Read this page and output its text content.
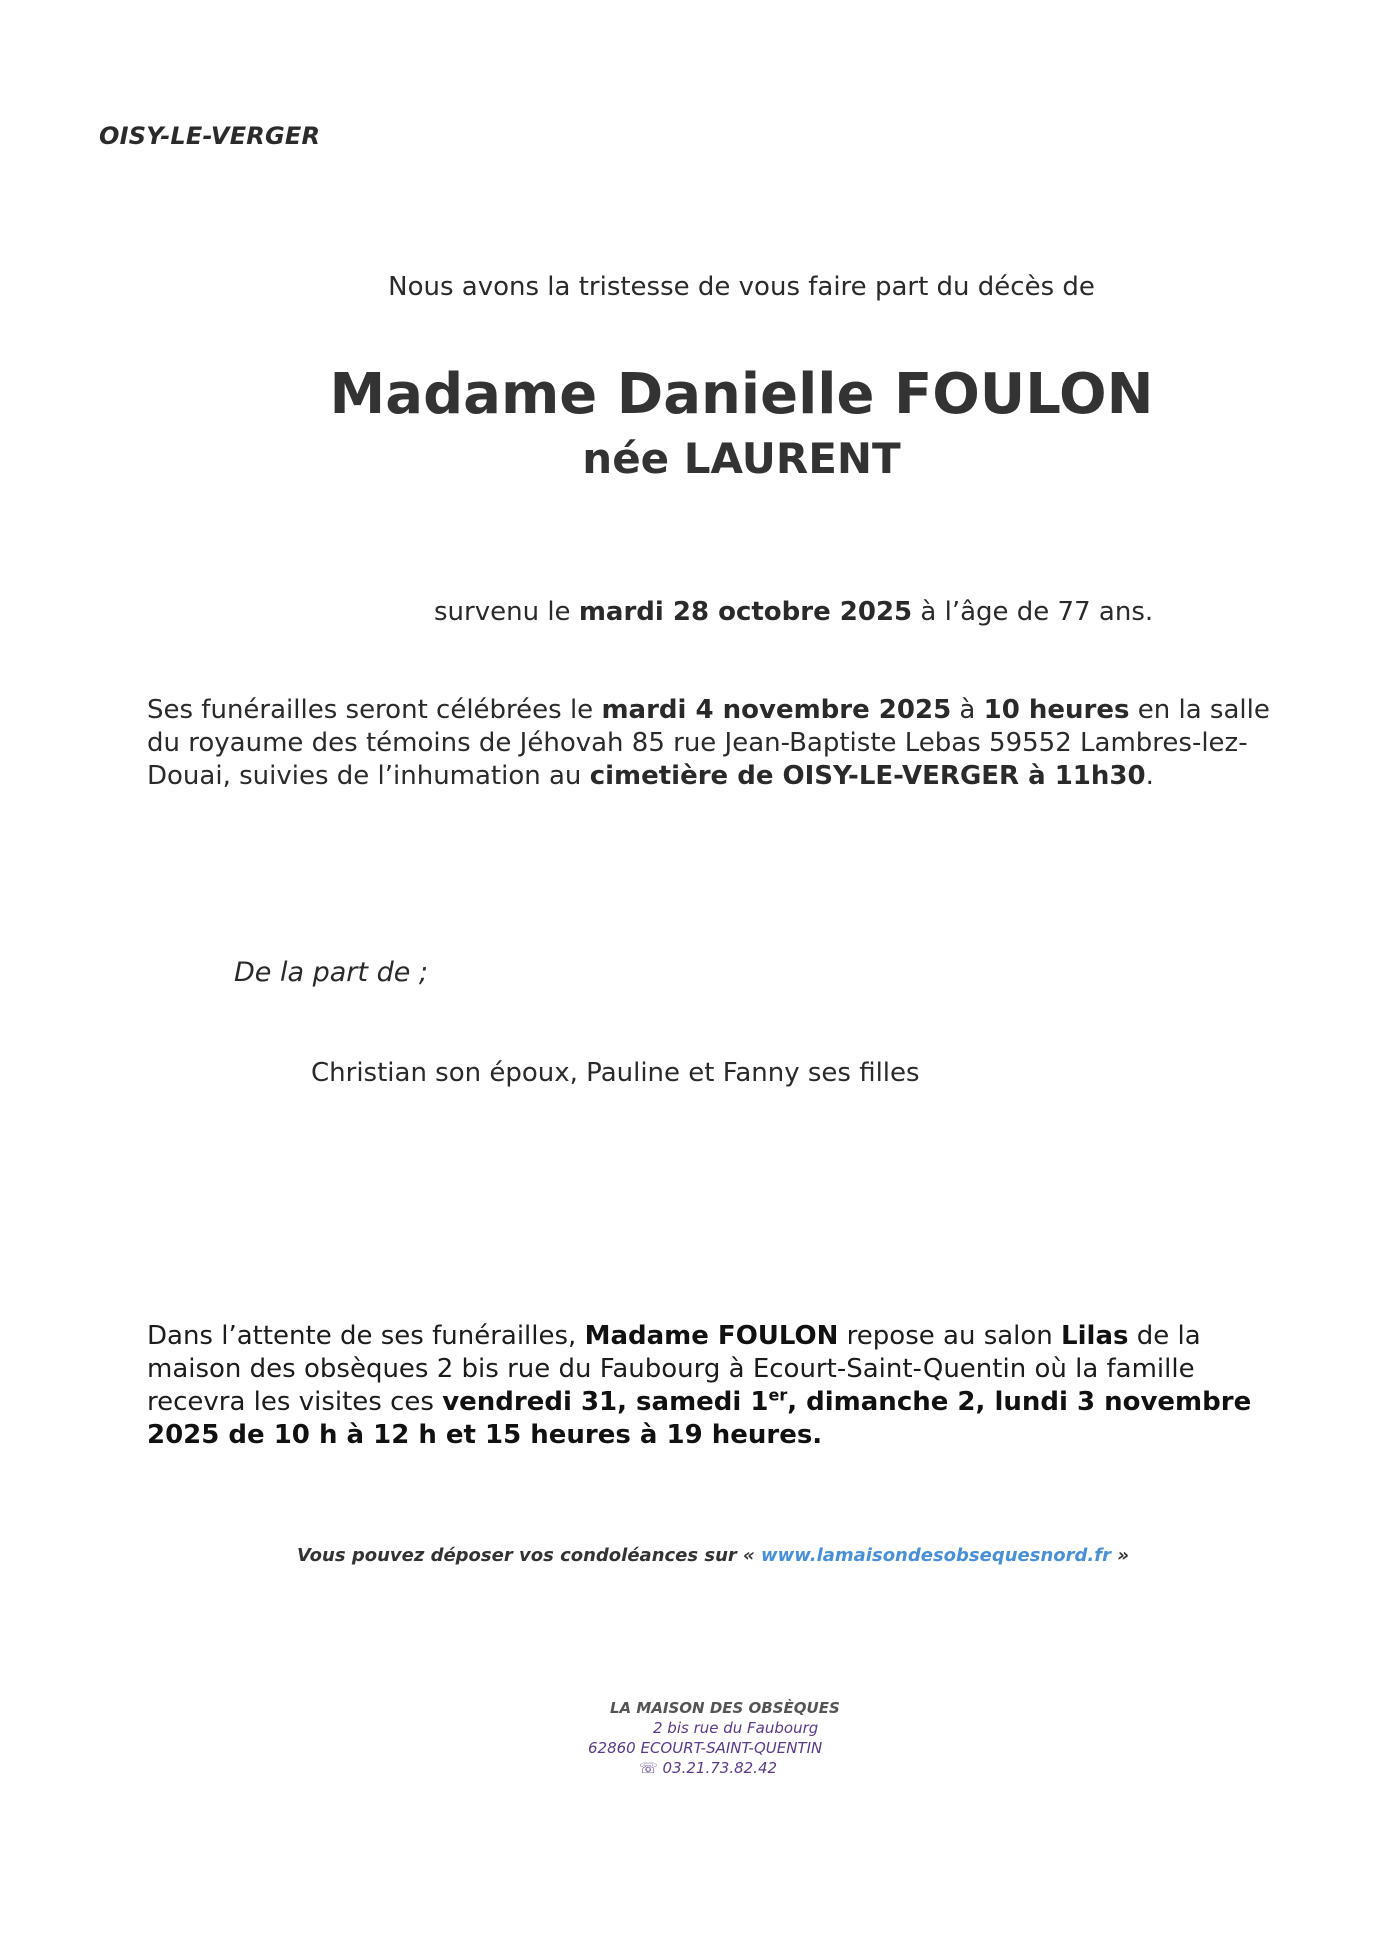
OISY-LE-VERGER
Nous avons la tristesse de vous faire part du décès de
Madame Danielle FOULON
née LAURENT
survenu le mardi 28 octobre 2025 à l’âge de 77 ans.
Ses funérailles seront célébrées le mardi 4 novembre 2025 à 10 heures en la salle du royaume des témoins de Jéhovah 85 rue Jean-Baptiste Lebas 59552 Lambres-lez-Douai, suivies de l’inhumation au cimetière de OISY-LE-VERGER à 11h30.
De la part de ;
Christian son époux, Pauline et Fanny ses filles
Dans l’attente de ses funérailles, Madame FOULON repose au salon Lilas de la maison des obsèques 2 bis rue du Faubourg à Ecourt-Saint-Quentin où la famille recevra les visites ces vendredi 31, samedi 1er, dimanche 2, lundi 3 novembre 2025 de 10 h à 12 h et 15 heures à 19 heures.
Vous pouvez déposer vos condoléances sur « www.lamaisondesobsequesnord.fr »
LA MAISON DES OBSÈQUES
2 bis rue du Faubourg
62860 ECOURT-SAINT-QUENTIN
☏ 03.21.73.82.42
